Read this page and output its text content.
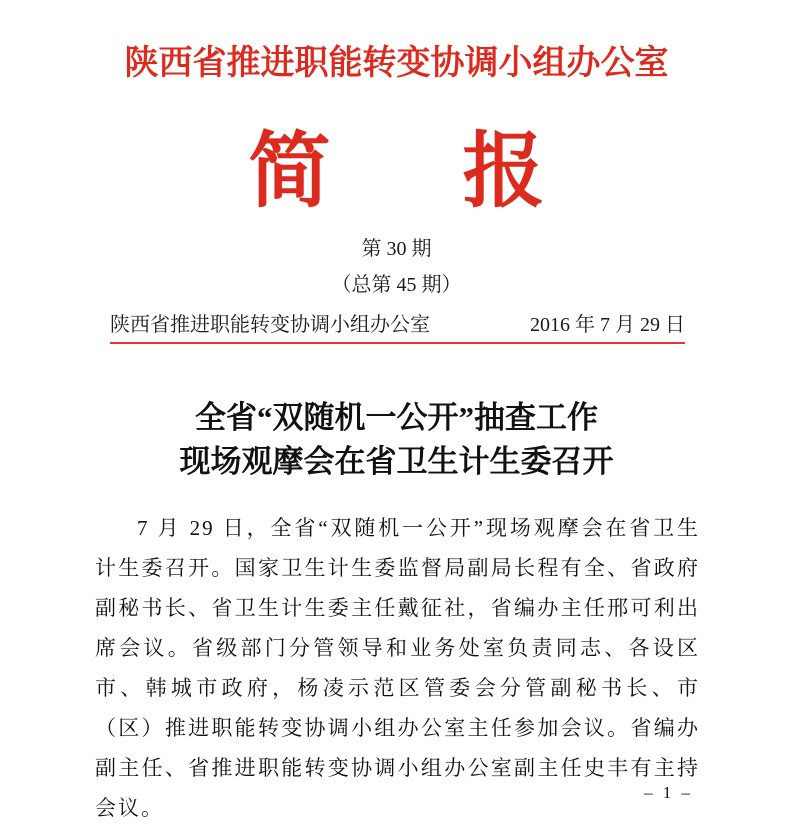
陕西省推进职能转变协调小组办公室
简 报
第 30 期
（总第 45 期）
陕西省推进职能转变协调小组办公室	2016 年 7 月 29 日
全省“双随机一公开”抽查工作
现场观摩会在省卫生计生委召开
7 月 29 日，全省“双随机一公开”现场观摩会在省卫生计生委召开。国家卫生计生委监督局副局长程有全、省政府副秘书长、省卫生计生委主任戴征社，省编办主任邢可利出席会议。省级部门分管领导和业务处室负责同志、各设区市、韩城市政府，杨凌示范区管委会分管副秘书长、市（区）推进职能转变协调小组办公室主任参加会议。省编办副主任、省推进职能转变协调小组办公室副主任史丰有主持会议。
– 1 –
